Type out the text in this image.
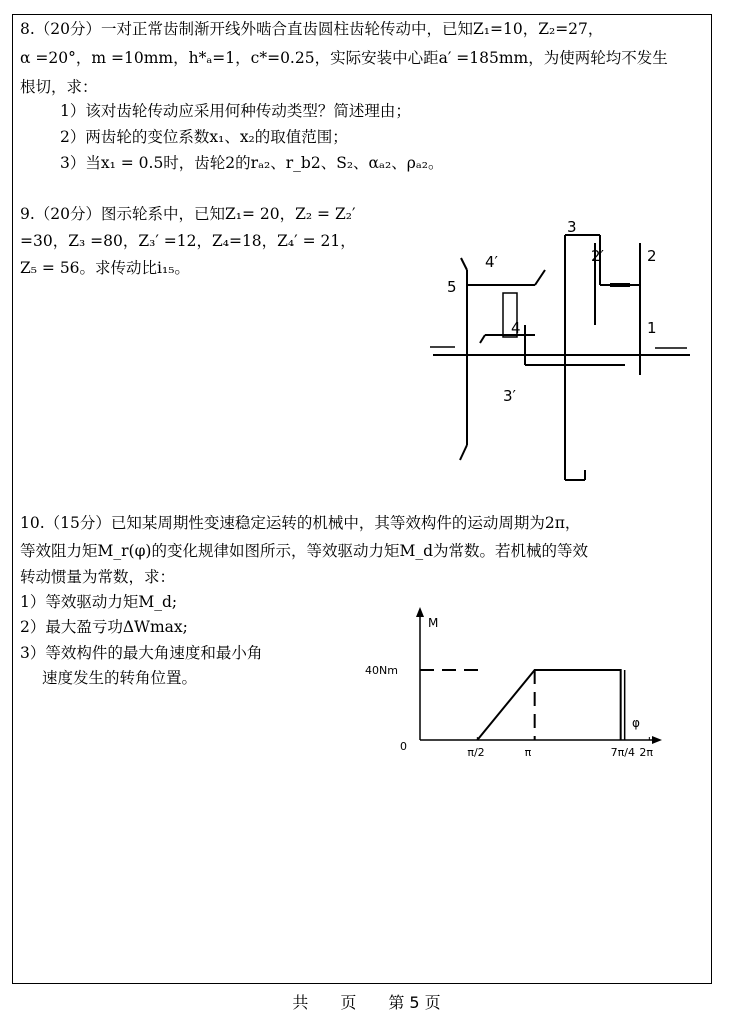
8.（20分）一对正常齿制渐开线外啮合直齿圆柱齿轮传动中，已知Z₁=10，Z₂=27，
α =20°，m =10mm，h*ₐ=1，c*=0.25，实际安装中心距a′ =185mm，为使两轮均不发生
根切，求：
1）该对齿轮传动应采用何种传动类型？简述理由；
2）两齿轮的变位系数x₁、x₂的取值范围；
3）当x₁ = 0.5时，齿轮2的rₐ₂、r_b2、S₂、αₐ₂、ρₐ₂。
9.（20分）图示轮系中，已知Z₁= 20，Z₂ = Z₂′
=30，Z₃ =80，Z₃′ =12，Z₄=18，Z₄′ = 21，
Z₅ = 56。求传动比i₁₅。
5
4′
4
3′
3
2′	2
1
10.（15分）已知某周期性变速稳定运转的机械中，其等效构件的运动周期为2π，
等效阻力矩M_r(φ)的变化规律如图所示，等效驱动力矩M_d为常数。若机械的等效
转动惯量为常数，求：
1）等效驱动力矩M_d;
2）最大盈亏功ΔWmax;
3）等效构件的最大角速度和最小角
速度发生的转角位置。
π/2	π	7π/4 2π
0
40Nm
M
φ
共　　页　　第 5 页
